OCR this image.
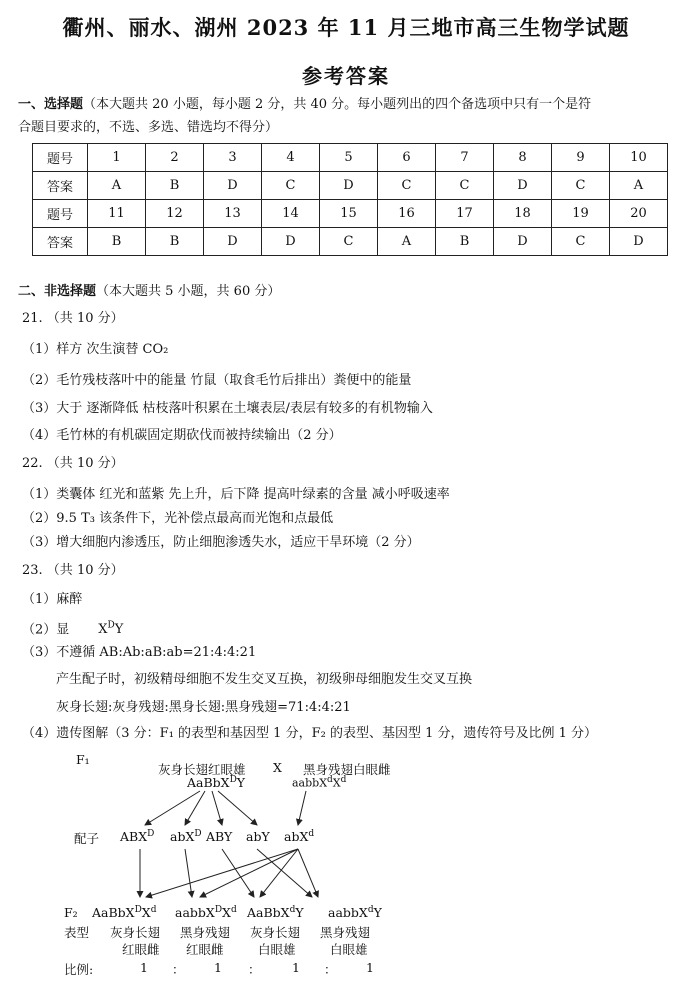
衢州、丽水、湖州 2023 年 11 月三地市高三生物学试题
参考答案
一、选择题（本大题共 20 小题，每小题 2 分，共 40 分。每小题列出的四个备选项中只有一个是符
合题目要求的，不选、多选、错选均不得分）
题号	1	2	3	4	5	6	7	8	9	10
答案	A	B	D	C	D	C	C	D	C	A
题号	11	12	13	14	15	16	17	18	19	20
答案	B	B	D	D	C	A	B	D	C	D
二、非选择题（本大题共 5 小题，共 60 分）
21. （共 10 分）
（1）样方 次生演替 CO₂
（2）毛竹残枝落叶中的能量 竹鼠（取食毛竹后排出）粪便中的能量
（3）大于 逐渐降低 枯枝落叶积累在土壤表层/表层有较多的有机物输入
（4）毛竹林的有机碳固定期砍伐而被持续输出（2 分）
22. （共 10 分）
（1）类囊体 红光和蓝紫 先上升，后下降 提高叶绿素的含量 减小呼吸速率
（2）9.5 T₃ 该条件下，光补偿点最高而光饱和点最低
（3）增大细胞内渗透压，防止细胞渗透失水，适应干旱环境（2 分）
23. （共 10 分）
（1）麻醉
（2）显 $X^DY$
（3）不遵循 AB:Ab:aB:ab=21:4:4:21
产生配子时，初级精母细胞不发生交叉互换，初级卵母细胞发生交叉互换
灰身长翅:灰身残翅:黑身长翅:黑身残翅=71:4:4:21
（4）遗传图解（3 分：F₁ 的表型和基因型 1 分，F₂ 的表型、基因型 1 分，遗传符号及比例 1 分）
F₁
灰身长翅红眼雄 X 黑身残翅白眼雌
AaBbX$^D$Y	$aabbX^dX^d$
配子 $ABX^D$ abX$^D$ ABY abY abX$^d$
F₂ $AaBbX^DX^d$ $aabbX^DX^d$ AaBbX$^d$Y aabbX$^d$Y
表型 灰身长翅 黑身残翅 灰身长翅 黑身残翅
红眼雌 红眼雌	白眼雄	白眼雄
比例:	1 ： 1 ：	1 ： 1
